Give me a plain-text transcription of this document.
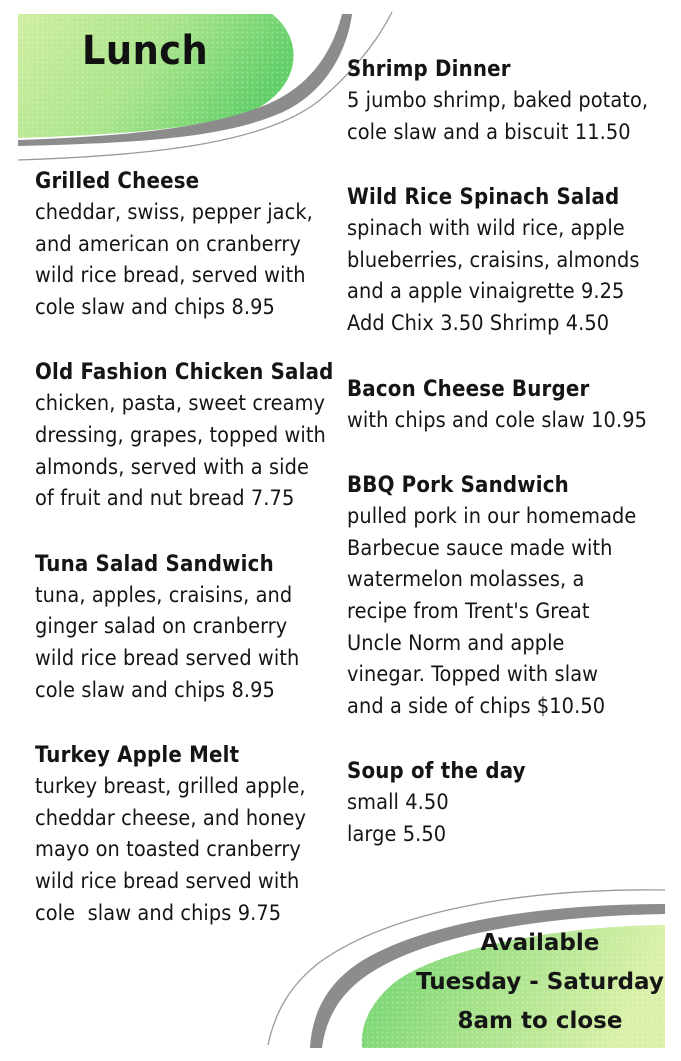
Lunch
Grilled Cheese
cheddar, swiss, pepper jack,
and american on cranberry
wild rice bread, served with
cole slaw and chips 8.95
Old Fashion Chicken Salad
chicken, pasta, sweet creamy
dressing, grapes, topped with
almonds, served with a side
of fruit and nut bread 7.75
Tuna Salad Sandwich
tuna, apples, craisins, and
ginger salad on cranberry
wild rice bread served with
cole slaw and chips 8.95
Turkey Apple Melt
turkey breast, grilled apple,
cheddar cheese, and honey
mayo on toasted cranberry
wild rice bread served with
cole  slaw and chips 9.75
Shrimp Dinner
5 jumbo shrimp, baked potato,
cole slaw and a biscuit 11.50
Wild Rice Spinach Salad
spinach with wild rice, apple
blueberries, craisins, almonds
and a apple vinaigrette 9.25
Add Chix 3.50 Shrimp 4.50
Bacon Cheese Burger
with chips and cole slaw 10.95
BBQ Pork Sandwich
pulled pork in our homemade
Barbecue sauce made with
watermelon molasses, a
recipe from Trent's Great
Uncle Norm and apple
vinegar. Topped with slaw
and a side of chips $10.50
Soup of the day
small 4.50
large 5.50
Available
Tuesday - Saturday
8am to close
